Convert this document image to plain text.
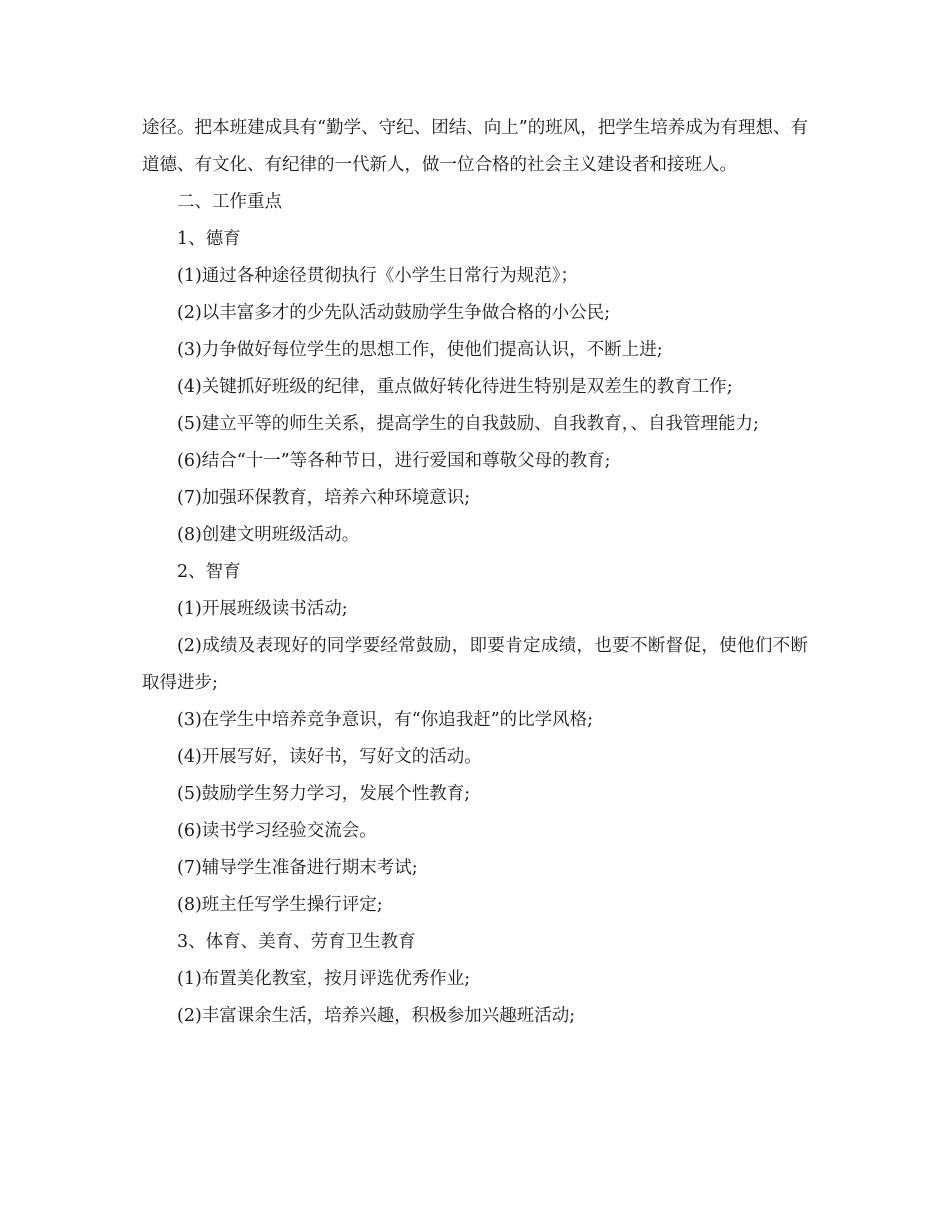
途径。把本班建成具有“勤学、守纪、团结、向上”的班风，把学生培养成为有理想、有道德、有文化、有纪律的一代新人，做一位合格的社会主义建设者和接班人。

二、工作重点

1、德育

(1)通过各种途径贯彻执行《小学生日常行为规范》；

(2)以丰富多才的少先队活动鼓励学生争做合格的小公民;

(3)力争做好每位学生的思想工作，使他们提高认识，不断上进;

(4)关键抓好班级的纪律，重点做好转化待进生特别是双差生的教育工作;

(5)建立平等的师生关系，提高学生的自我鼓励、自我教育，、自我管理能力;

(6)结合“十一”等各种节日，进行爱国和尊敬父母的教育;

(7)加强环保教育，培养六种环境意识;

(8)创建文明班级活动。

2、智育

(1)开展班级读书活动;

(2)成绩及表现好的同学要经常鼓励，即要肯定成绩，也要不断督促，使他们不断取得进步;

(3)在学生中培养竞争意识，有“你追我赶”的比学风格;

(4)开展写好，读好书，写好文的活动。

(5)鼓励学生努力学习，发展个性教育;

(6)读书学习经验交流会。

(7)辅导学生准备进行期末考试;

(8)班主任写学生操行评定;

3、体育、美育、劳育卫生教育

(1)布置美化教室，按月评选优秀作业;

(2)丰富课余生活，培养兴趣，积极参加兴趣班活动;
